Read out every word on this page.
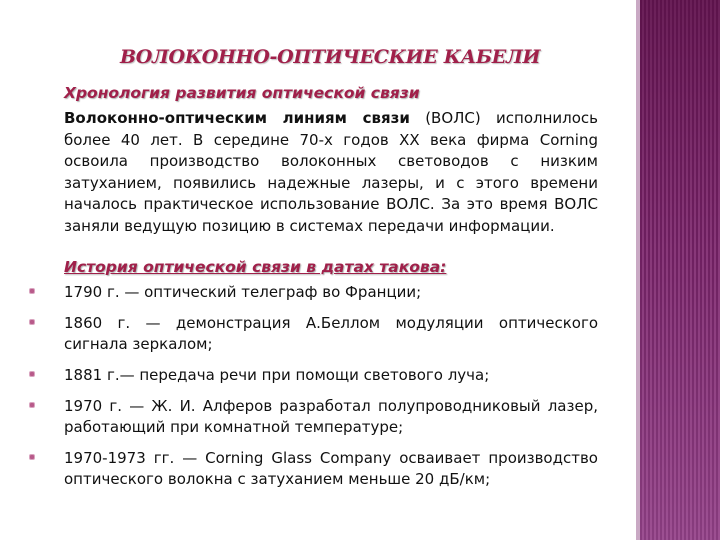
ВОЛОКОННО-ОПТИЧЕСКИЕ КАБЕЛИ
Хронология развития оптической связи
Волоконно-оптическим линиям связи (ВОЛС) исполнилось более 40 лет. В середине 70-х годов XX века фирма Corning освоила производство волоконных световодов с низким затуханием, появились надежные лазеры, и с этого времени началось практическое использование ВОЛС. За это время ВОЛС заняли ведущую позицию в системах передачи информации.
История оптической связи в датах такова:
1790 г. — оптический телеграф во Франции;
1860 г. — демонстрация А.Беллом модуляции оптического сигнала зеркалом;
1881 г.— передача речи при помощи светового луча;
1970 г. — Ж. И. Алферов разработал полупроводниковый лазер, работающий при комнатной температуре;
1970-1973 гг. — Corning Glass Company осваивает производство оптического волокна с затуханием меньше 20 дБ/км;
